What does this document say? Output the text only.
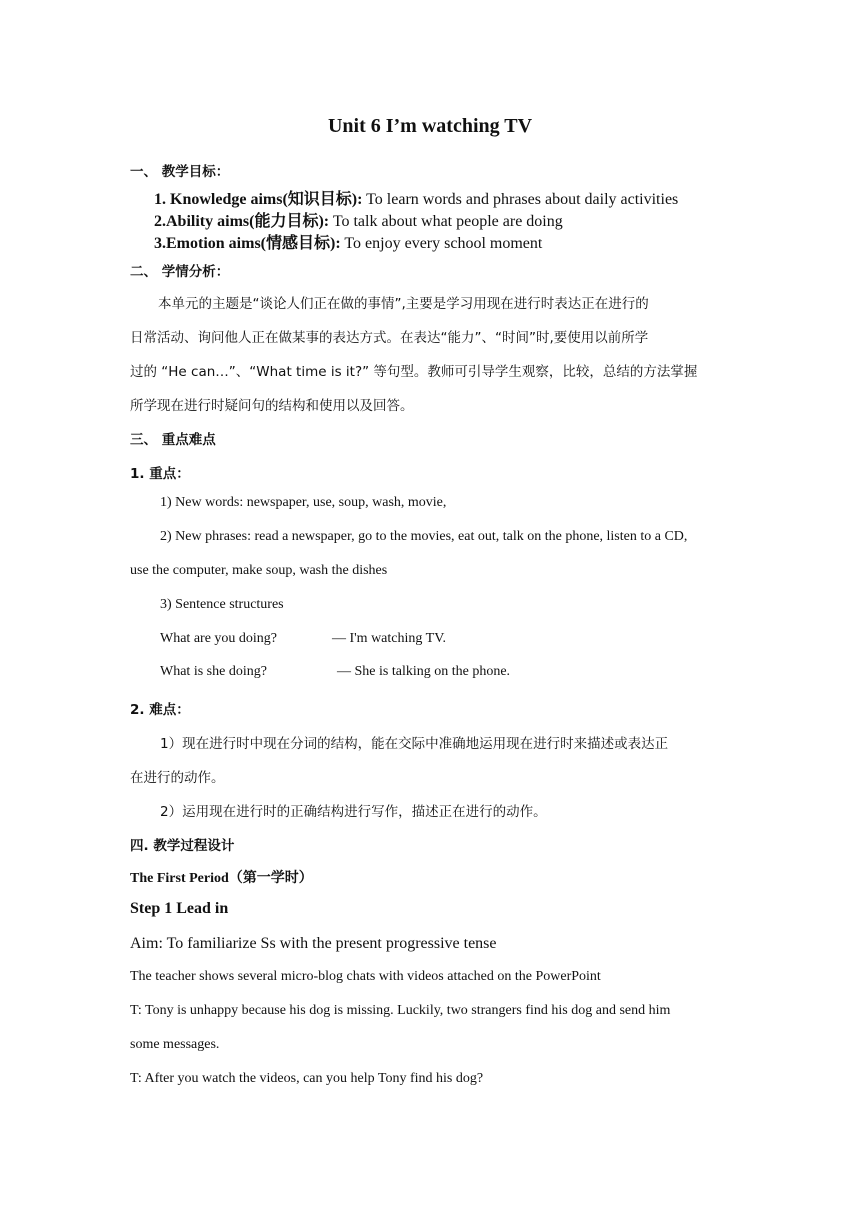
Unit 6 I’m watching TV
一、 教学目标：
1. Knowledge aims(知识目标): To learn words and phrases about daily activities
2.Ability aims(能力目标): To talk about what people are doing
3.Emotion aims(情感目标): To enjoy every school moment
二、 学情分析：
本单元的主题是“谈论人们正在做的事情”,主要是学习用现在进行时表达正在进行的
日常活动、询问他人正在做某事的表达方式。在表达“能力”、“时间”时,要使用以前所学
过的 “He can…”、“What time is it?” 等句型。教师可引导学生观察，比较，总结的方法掌握
所学现在进行时疑问句的结构和使用以及回答。
三、 重点难点
1. 重点：
1) New words: newspaper, use, soup, wash, movie,
2) New phrases: read a newspaper, go to the movies, eat out, talk on the phone, listen to a CD,
use the computer, make soup, wash the dishes
3) Sentence structures
What are you doing?	— I'm watching TV.
What is she doing?	— She is talking on the phone.
2. 难点：
1）现在进行时中现在分词的结构，能在交际中准确地运用现在进行时来描述或表达正
在进行的动作。
2）运用现在进行时的正确结构进行写作，描述正在进行的动作。
四. 教学过程设计
The First Period（第一学时）
Step 1 Lead in
Aim: To familiarize Ss with the present progressive tense
The teacher shows several micro-blog chats with videos attached on the PowerPoint
T: Tony is unhappy because his dog is missing. Luckily, two strangers find his dog and send him
some messages.
T: After you watch the videos, can you help Tony find his dog?
